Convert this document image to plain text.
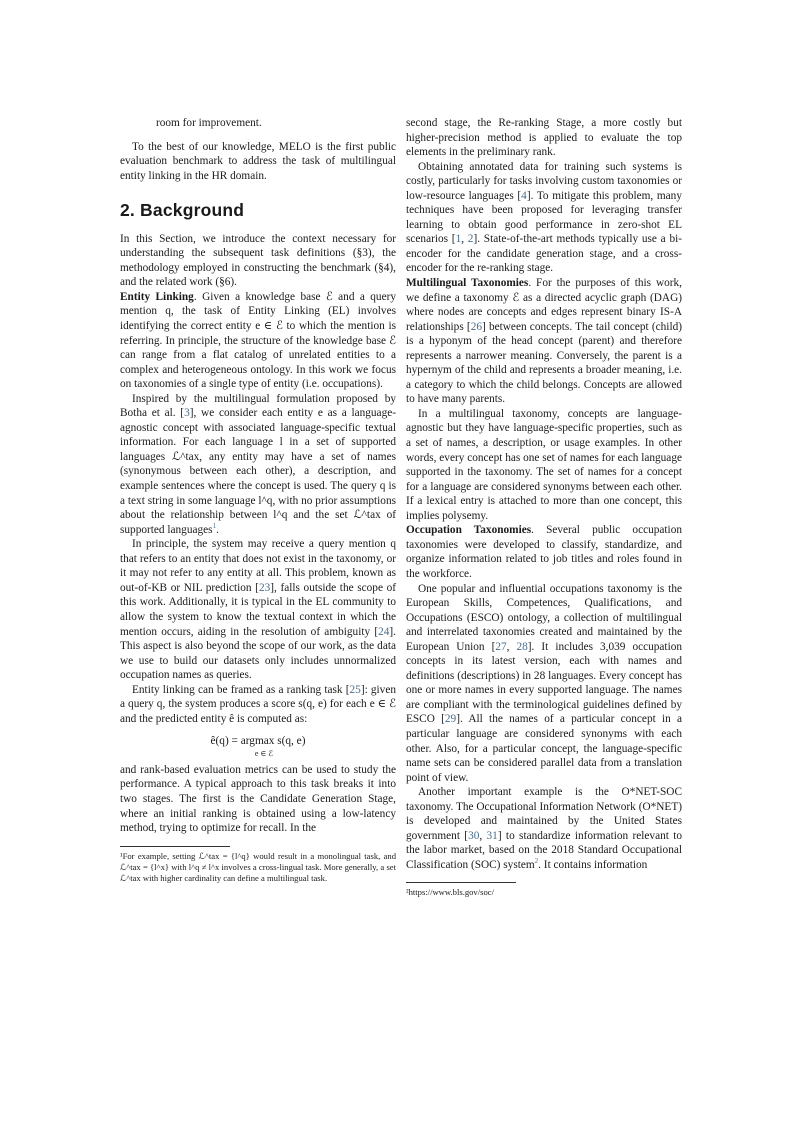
room for improvement.

To the best of our knowledge, MELO is the first public evaluation benchmark to address the task of multilingual entity linking in the HR domain.

2. Background

In this Section, we introduce the context necessary for understanding the subsequent task definitions (§3), the methodology employed in constructing the benchmark (§4), and the related work (§6).

Entity Linking. Given a knowledge base ℰ and a query mention q, the task of Entity Linking (EL) involves identifying the correct entity e ∈ ℰ to which the mention is referring. In principle, the structure of the knowledge base ℰ can range from a flat catalog of unrelated entities to a complex and heterogeneous ontology. In this work we focus on taxonomies of a single type of entity (i.e. occupations).

Inspired by the multilingual formulation proposed by Botha et al. [3], we consider each entity e as a language-agnostic concept with associated language-specific textual information. For each language l in a set of supported languages ℒ^tax, any entity may have a set of names (synonymous between each other), a description, and example sentences where the concept is used. The query q is a text string in some language l^q, with no prior assumptions about the relationship between l^q and the set ℒ^tax of supported languages$^1$.

In principle, the system may receive a query mention q that refers to an entity that does not exist in the taxonomy, or it may not refer to any entity at all. This problem, known as out-of-KB or NIL prediction [23], falls outside the scope of this work. Additionally, it is typical in the EL community to allow the system to know the textual context in which the mention occurs, aiding in the resolution of ambiguity [24]. This aspect is also beyond the scope of our work, as the data we use to build our datasets only includes unnormalized occupation names as queries.

Entity linking can be framed as a ranking task [25]: given a query q, the system produces a score s(q, e) for each e ∈ ℰ and the predicted entity ê is computed as:

ê(q) = argmax s(q, e)
e ∈ ℰ

and rank-based evaluation metrics can be used to study the performance. A typical approach to this task breaks it into two stages. The first is the Candidate Generation Stage, where an initial ranking is obtained using a low-latency method, trying to optimize for recall. In the

¹For example, setting ℒ^tax = {l^q} would result in a monolingual task, and ℒ^tax = {l^x} with l^q ≠ l^x involves a cross-lingual task. More generally, a set ℒ^tax with higher cardinality can define a multilingual task.

second stage, the Re-ranking Stage, a more costly but higher-precision method is applied to evaluate the top elements in the preliminary rank.

Obtaining annotated data for training such systems is costly, particularly for tasks involving custom taxonomies or low-resource languages [4]. To mitigate this problem, many techniques have been proposed for leveraging transfer learning to obtain good performance in zero-shot EL scenarios [1, 2]. State-of-the-art methods typically use a bi-encoder for the candidate generation stage, and a cross-encoder for the re-ranking stage.

Multilingual Taxonomies. For the purposes of this work, we define a taxonomy ℰ as a directed acyclic graph (DAG) where nodes are concepts and edges represent binary IS-A relationships [26] between concepts. The tail concept (child) is a hyponym of the head concept (parent) and therefore represents a narrower meaning. Conversely, the parent is a hypernym of the child and represents a broader meaning, i.e. a category to which the child belongs. Concepts are allowed to have many parents.

In a multilingual taxonomy, concepts are language-agnostic but they have language-specific properties, such as a set of names, a description, or usage examples. In other words, every concept has one set of names for each language supported in the taxonomy. The set of names for a concept for a language are considered synonyms between each other. If a lexical entry is attached to more than one concept, this implies polysemy.

Occupation Taxonomies. Several public occupation taxonomies were developed to classify, standardize, and organize information related to job titles and roles found in the workforce.

One popular and influential occupations taxonomy is the European Skills, Competences, Qualifications, and Occupations (ESCO) ontology, a collection of multilingual and interrelated taxonomies created and maintained by the European Union [27, 28]. It includes 3,039 occupation concepts in its latest version, each with names and definitions (descriptions) in 28 languages. Every concept has one or more names in every supported language. The names are compliant with the terminological guidelines defined by ESCO [29]. All the names of a particular concept in a particular language are considered synonyms with each other. Also, for a particular concept, the language-specific name sets can be considered parallel data from a translation point of view.

Another important example is the O*NET-SOC taxonomy. The Occupational Information Network (O*NET) is developed and maintained by the United States government [30, 31] to standardize information relevant to the labor market, based on the 2018 Standard Occupational Classification (SOC) system$^2$. It contains information

²https://www.bls.gov/soc/
